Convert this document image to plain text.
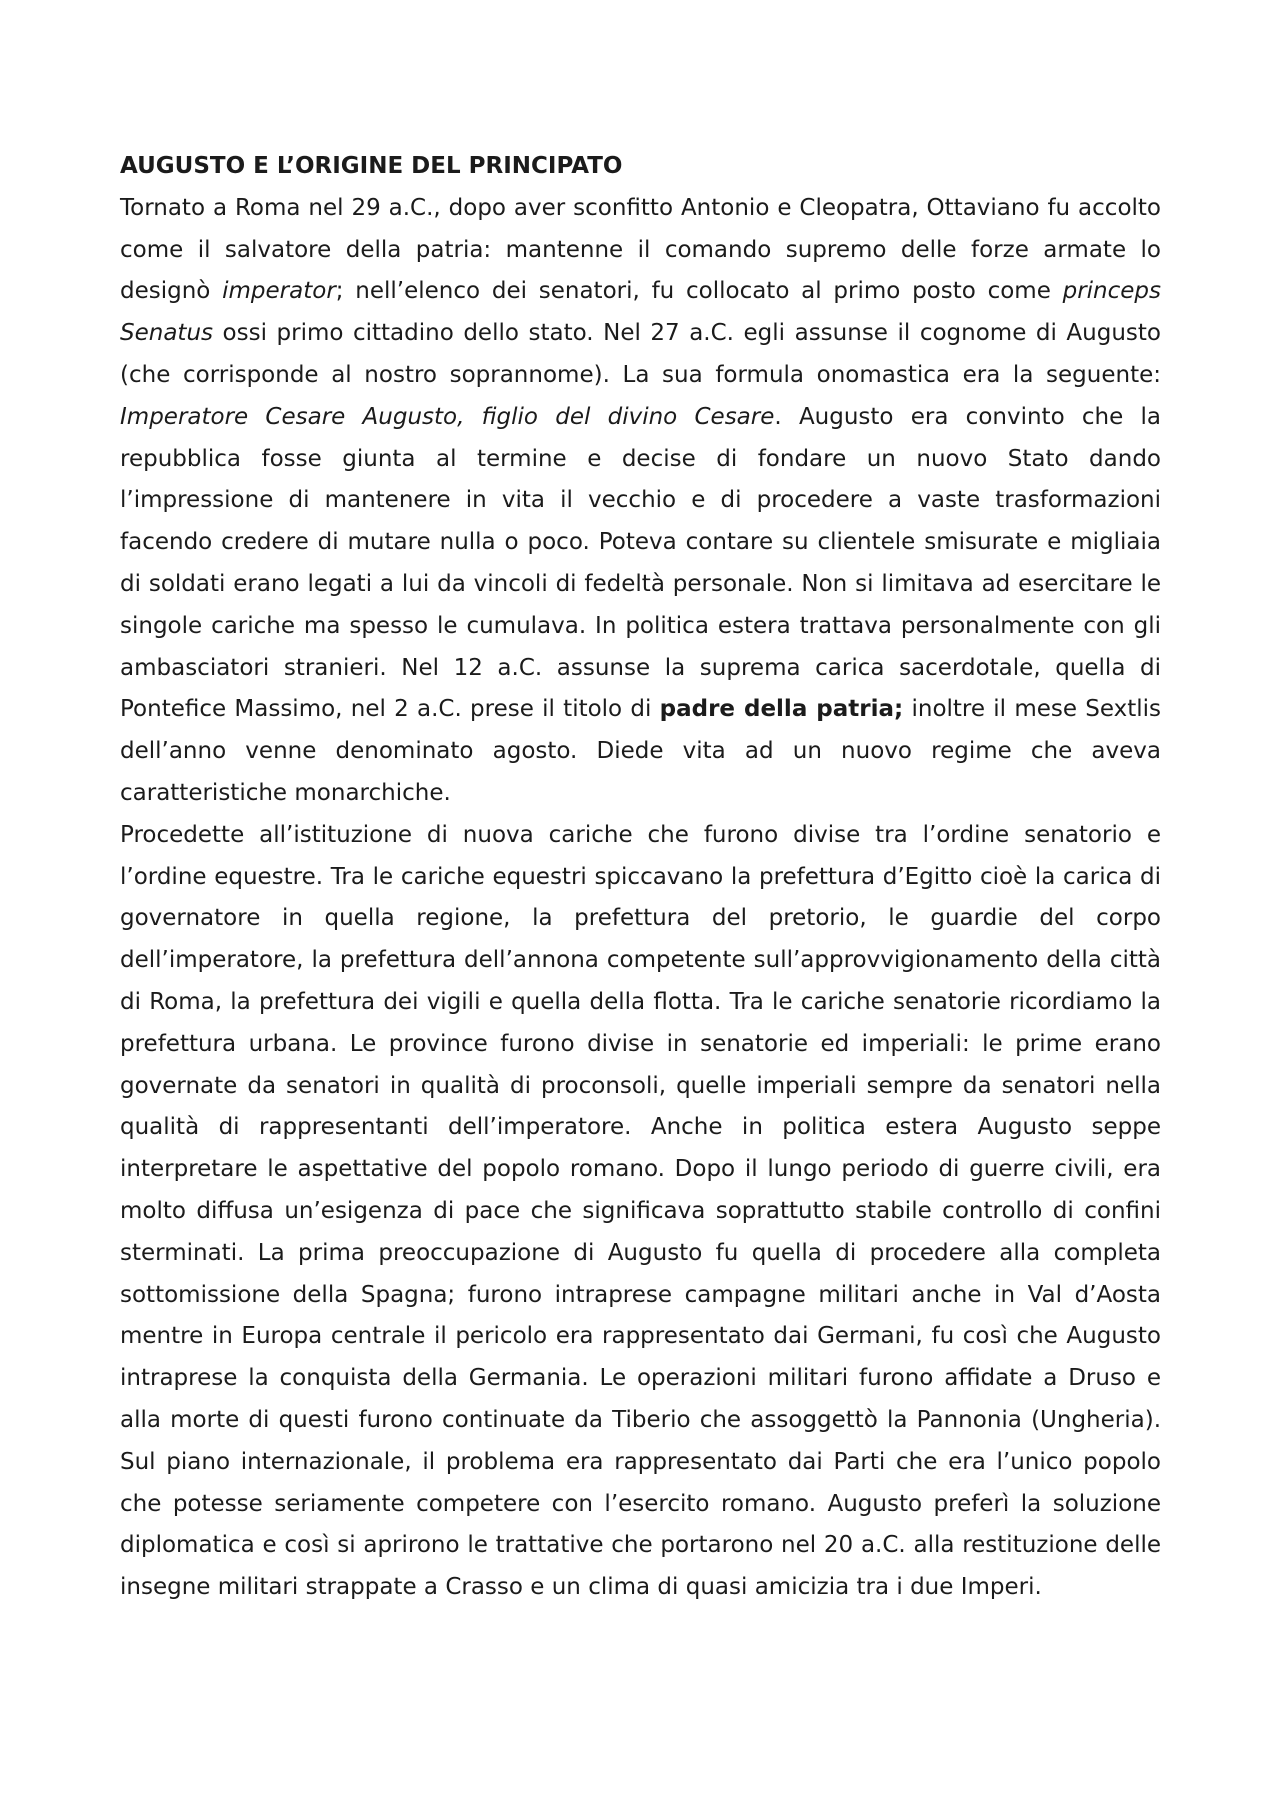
AUGUSTO E L’ORIGINE DEL PRINCIPATO

Tornato a Roma nel 29 a.C., dopo aver sconfitto Antonio e Cleopatra, Ottaviano fu accolto come il salvatore della patria: mantenne il comando supremo delle forze armate lo designò imperator; nell’elenco dei senatori, fu collocato al primo posto come princeps Senatus ossi primo cittadino dello stato. Nel 27 a.C. egli assunse il cognome di Augusto (che corrisponde al nostro soprannome). La sua formula onomastica era la seguente: Imperatore Cesare Augusto, figlio del divino Cesare. Augusto era convinto che la repubblica fosse giunta al termine e decise di fondare un nuovo Stato dando l’impressione di mantenere in vita il vecchio e di procedere a vaste trasformazioni facendo credere di mutare nulla o poco. Poteva contare su clientele smisurate e migliaia di soldati erano legati a lui da vincoli di fedeltà personale. Non si limitava ad esercitare le singole cariche ma spesso le cumulava. In politica estera trattava personalmente con gli ambasciatori stranieri. Nel 12 a.C. assunse la suprema carica sacerdotale, quella di Pontefice Massimo, nel 2 a.C. prese il titolo di padre della patria; inoltre il mese Sextlis dell’anno venne denominato agosto. Diede vita ad un nuovo regime che aveva caratteristiche monarchiche.

Procedette all’istituzione di nuova cariche che furono divise tra l’ordine senatorio e l’ordine equestre. Tra le cariche equestri spiccavano la prefettura d’Egitto cioè la carica di governatore in quella regione, la prefettura del pretorio, le guardie del corpo dell’imperatore, la prefettura dell’annona competente sull’approvvigionamento della città di Roma, la prefettura dei vigili e quella della flotta. Tra le cariche senatorie ricordiamo la prefettura urbana. Le province furono divise in senatorie ed imperiali: le prime erano governate da senatori in qualità di proconsoli, quelle imperiali sempre da senatori nella qualità di rappresentanti dell’imperatore. Anche in politica estera Augusto seppe interpretare le aspettative del popolo romano. Dopo il lungo periodo di guerre civili, era molto diffusa un’esigenza di pace che significava soprattutto stabile controllo di confini sterminati. La prima preoccupazione di Augusto fu quella di procedere alla completa sottomissione della Spagna; furono intraprese campagne militari anche in Val d’Aosta mentre in Europa centrale il pericolo era rappresentato dai Germani, fu così che Augusto intraprese la conquista della Germania. Le operazioni militari furono affidate a Druso e alla morte di questi furono continuate da Tiberio che assoggettò la Pannonia (Ungheria). Sul piano internazionale, il problema era rappresentato dai Parti che era l’unico popolo che potesse seriamente competere con l’esercito romano. Augusto preferì la soluzione diplomatica e così si aprirono le trattative che portarono nel 20 a.C. alla restituzione delle insegne militari strappate a Crasso e un clima di quasi amicizia tra i due Imperi.
